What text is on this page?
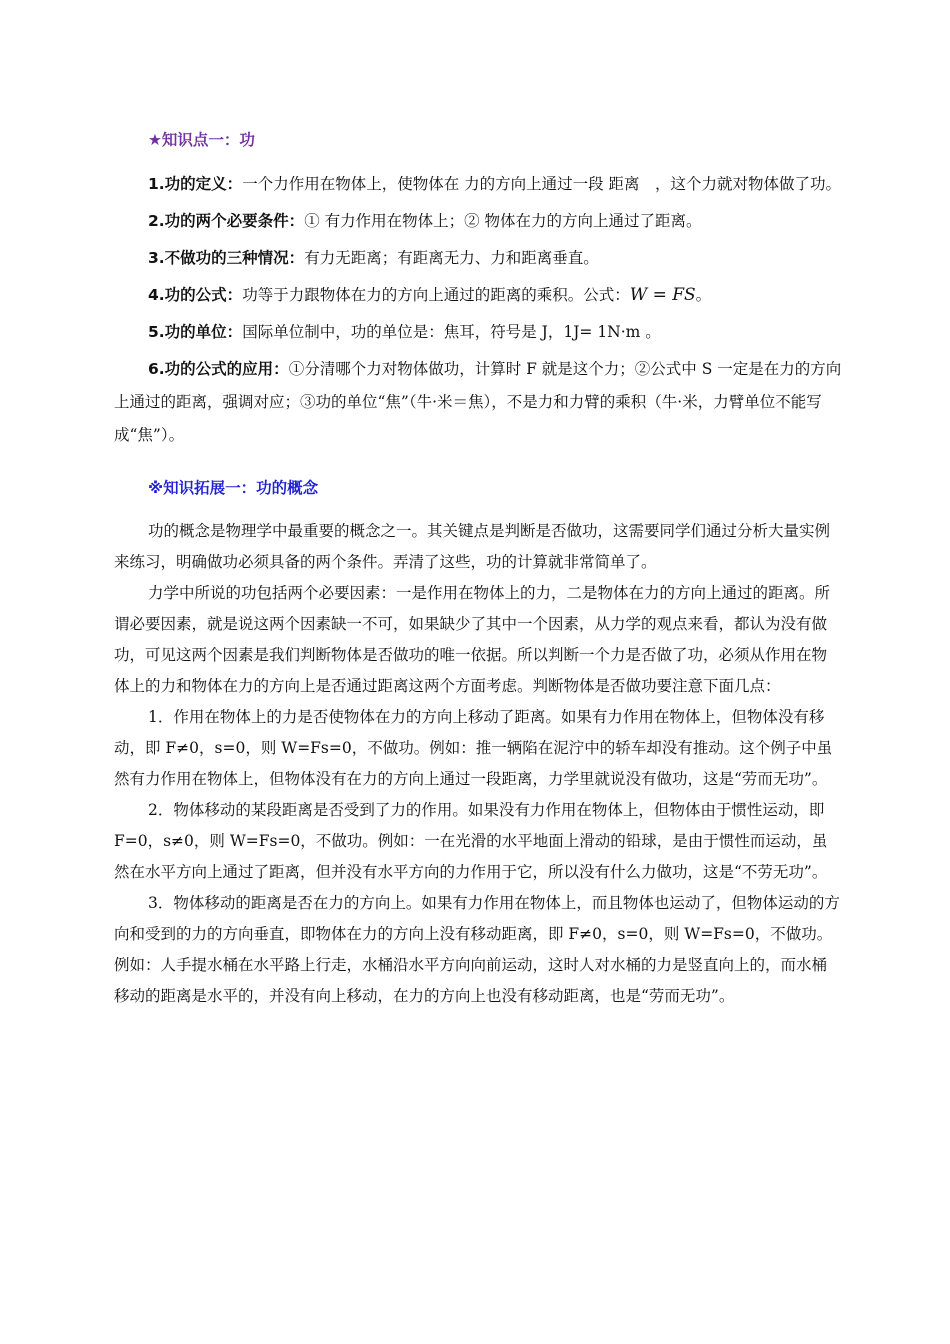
★知识点一：功

1.功的定义：一个力作用在物体上，使物体在 力的方向上通过一段 距离　，这个力就对物体做了功。

2.功的两个必要条件：① 有力作用在物体上；② 物体在力的方向上通过了距离。

3.不做功的三种情况：有力无距离；有距离无力、力和距离垂直。

4.功的公式：功等于力跟物体在力的方向上通过的距离的乘积。公式：W = FS。

5.功的单位：国际单位制中，功的单位是：焦耳，符号是 J，1J= 1N·m 。

6.功的公式的应用：①分清哪个力对物体做功，计算时 F 就是这个力；②公式中 S 一定是在力的方向上通过的距离，强调对应；③功的单位“焦”（牛·米＝焦），不是力和力臂的乘积（牛·米，力臂单位不能写成“焦”）。

※知识拓展一：功的概念

功的概念是物理学中最重要的概念之一。其关键点是判断是否做功，这需要同学们通过分析大量实例来练习，明确做功必须具备的两个条件。弄清了这些，功的计算就非常简单了。

力学中所说的功包括两个必要因素：一是作用在物体上的力，二是物体在力的方向上通过的距离。所谓必要因素，就是说这两个因素缺一不可，如果缺少了其中一个因素，从力学的观点来看，都认为没有做功，可见这两个因素是我们判断物体是否做功的唯一依据。所以判断一个力是否做了功，必须从作用在物体上的力和物体在力的方向上是否通过距离这两个方面考虑。判断物体是否做功要注意下面几点：

1．作用在物体上的力是否使物体在力的方向上移动了距离。如果有力作用在物体上，但物体没有移动，即 F≠0，s=0，则 W=Fs=0，不做功。例如：推一辆陷在泥泞中的轿车却没有推动。这个例子中虽然有力作用在物体上，但物体没有在力的方向上通过一段距离，力学里就说没有做功，这是“劳而无功”。

2．物体移动的某段距离是否受到了力的作用。如果没有力作用在物体上，但物体由于惯性运动，即 F=0，s≠0，则 W=Fs=0，不做功。例如：一在光滑的水平地面上滑动的铅球，是由于惯性而运动，虽然在水平方向上通过了距离，但并没有水平方向的力作用于它，所以没有什么力做功，这是“不劳无功”。

3．物体移动的距离是否在力的方向上。如果有力作用在物体上，而且物体也运动了，但物体运动的方向和受到的力的方向垂直，即物体在力的方向上没有移动距离，即 F≠0，s=0，则 W=Fs=0，不做功。例如：人手提水桶在水平路上行走，水桶沿水平方向向前运动，这时人对水桶的力是竖直向上的，而水桶移动的距离是水平的，并没有向上移动，在力的方向上也没有移动距离，也是“劳而无功”。
